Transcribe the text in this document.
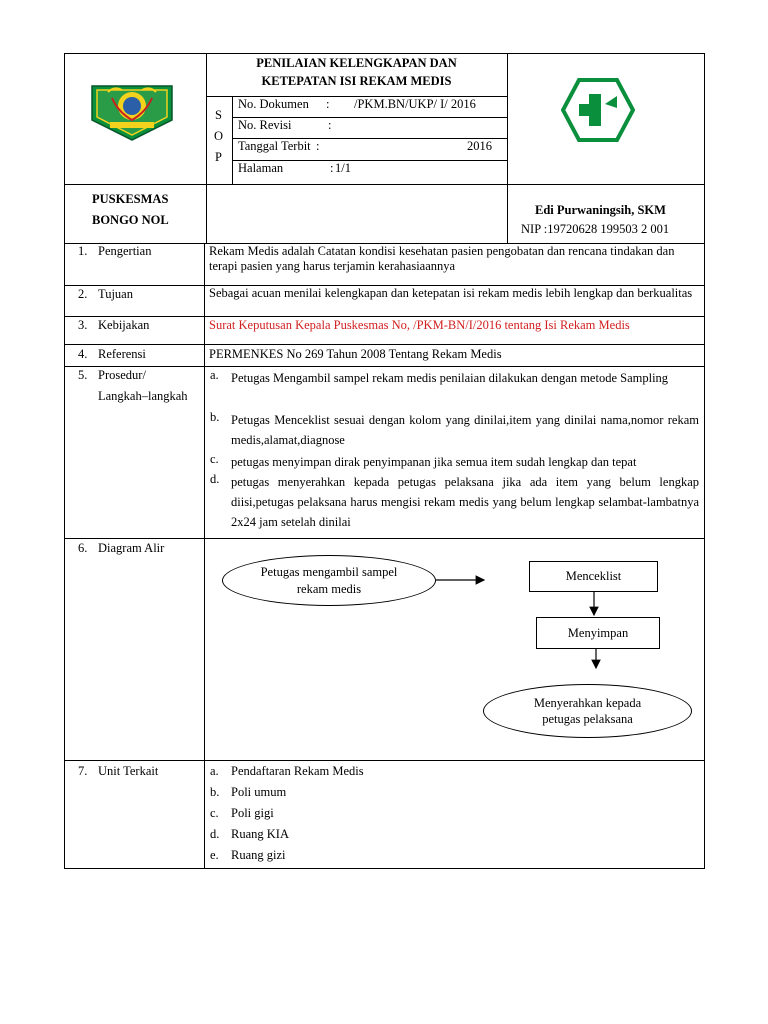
PENILAIAN KELENGKAPAN DAN
KETEPATAN ISI REKAM MEDIS
S
O
P
No. Dokumen : /PKM.BN/UKP/ I/ 2016
No. Revisi	:
Tanggal Terbit :	2016
Halaman	: 1/1
PUSKESMAS
BONGO NOL
Edi Purwaningsih, SKM
NIP :19720628 199503 2 001
1. Pengertian	Rekam Medis adalah Catatan kondisi kesehatan pasien pengobatan dan rencana tindakan dan terapi pasien yang harus terjamin kerahasiaannya
2. Tujuan	Sebagai acuan menilai kelengkapan dan ketepatan isi rekam medis lebih lengkap dan berkualitas
3. Kebijakan	Surat Keputusan Kepala Puskesmas No, /PKM-BN/I/2016 tentang Isi Rekam Medis
4. Referensi	PERMENKES No 269 Tahun 2008 Tentang Rekam Medis
5. Prosedur/
Langkah–langkah
a. Petugas Mengambil sampel rekam medis penilaian dilakukan dengan metode Sampling
b. Petugas Menceklist sesuai dengan kolom yang dinilai,item yang dinilai nama,nomor rekam medis,alamat,diagnose
c. petugas menyimpan dirak penyimpanan jika semua item sudah lengkap dan tepat
d. petugas menyerahkan kepada petugas pelaksana jika ada item yang belum lengkap diisi,petugas pelaksana harus mengisi rekam medis yang belum lengkap selambat-lambatnya 2x24 jam setelah dinilai
6. Diagram Alir
Petugas mengambil sampel rekam medis
Menceklist
Menyimpan
Menyerahkan kepada petugas pelaksana
7. Unit Terkait	a. Pendaftaran Rekam Medis
b. Poli umum
c. Poli gigi
d. Ruang KIA
e. Ruang gizi
